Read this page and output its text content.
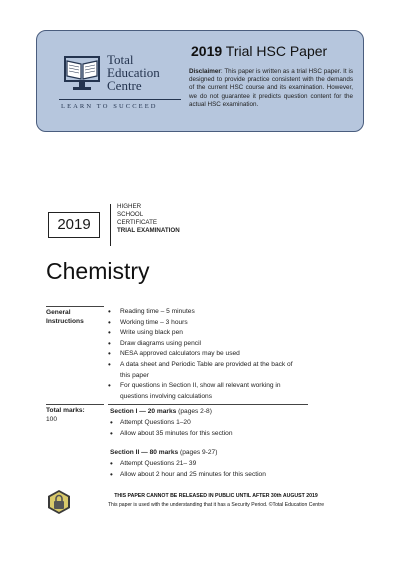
Total
Education
Centre
LEARN TO SUCCEED
2019 Trial HSC Paper
Disclaimer: This paper is written as a trial HSC paper. It is designed to provide practice consistent with the demands of the current HSC course and its examination. However, we do not guarantee it predicts question content for the actual HSC examination.
2019
HIGHER
SCHOOL
CERTIFICATE
TRIAL EXAMINATION
Chemistry
General
Instructions
• Reading time – 5 minutes
• Working time – 3 hours
• Write using black pen
• Draw diagrams using pencil
• NESA approved calculators may be used
• A data sheet and Periodic Table are provided at the back of this paper
• For questions in Section II, show all relevant working in questions involving calculations
Total marks:
100
Section I — 20 marks (pages 2-8)
• Attempt Questions 1–20
• Allow about 35 minutes for this section
Section II — 80 marks (pages 9-27)
• Attempt Questions 21– 39
• Allow about 2 hour and 25 minutes for this section
THIS PAPER CANNOT BE RELEASED IN PUBLIC UNTIL AFTER 30th AUGUST 2019
This paper is used with the understanding that it has a Security Period. ©Total Education Centre
